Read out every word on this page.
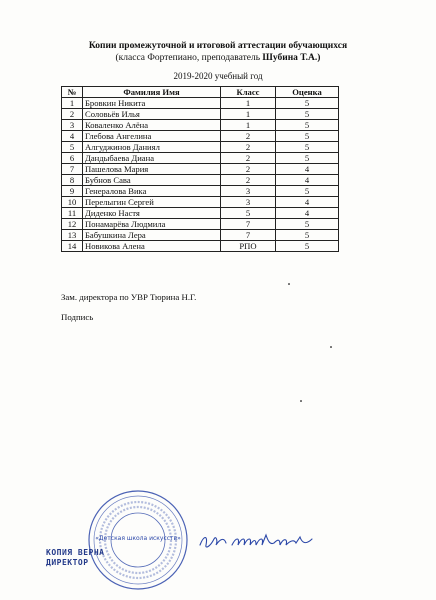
Копии промежуточной и итоговой аттестации обучающихся
(класса Фортепиано, преподаватель Шубина Т.А.)
2019-2020 учебный год
№	Фамилия Имя	Класс	Оценка
1	Бровкин Никита	1	5
2	Соловьёв Илья	1	5
3	Коваленко Алёна	1	5
4	Глебова Ангелина	2	5
5	Алгуджинов Даниял	2	5
6	Дандыбаева Диана	2	5
7	Пашелова Мария	2	4
8	Бубнов Сава	2	4
9	Генералова Вика	3	5
10	Перелыгин Сергей	3	4
11	Диденко Настя	5	4
12	Понамарёва Людмила	7	5
13	Бабушкина Лера	7	5
14	Новикова Алена	РПО	5
Зам. директора по УВР Тюрина Н.Г.
Подпись
«Детская школа искусств»
КОПИЯ ВЕРНА
ДИРЕКТОР
